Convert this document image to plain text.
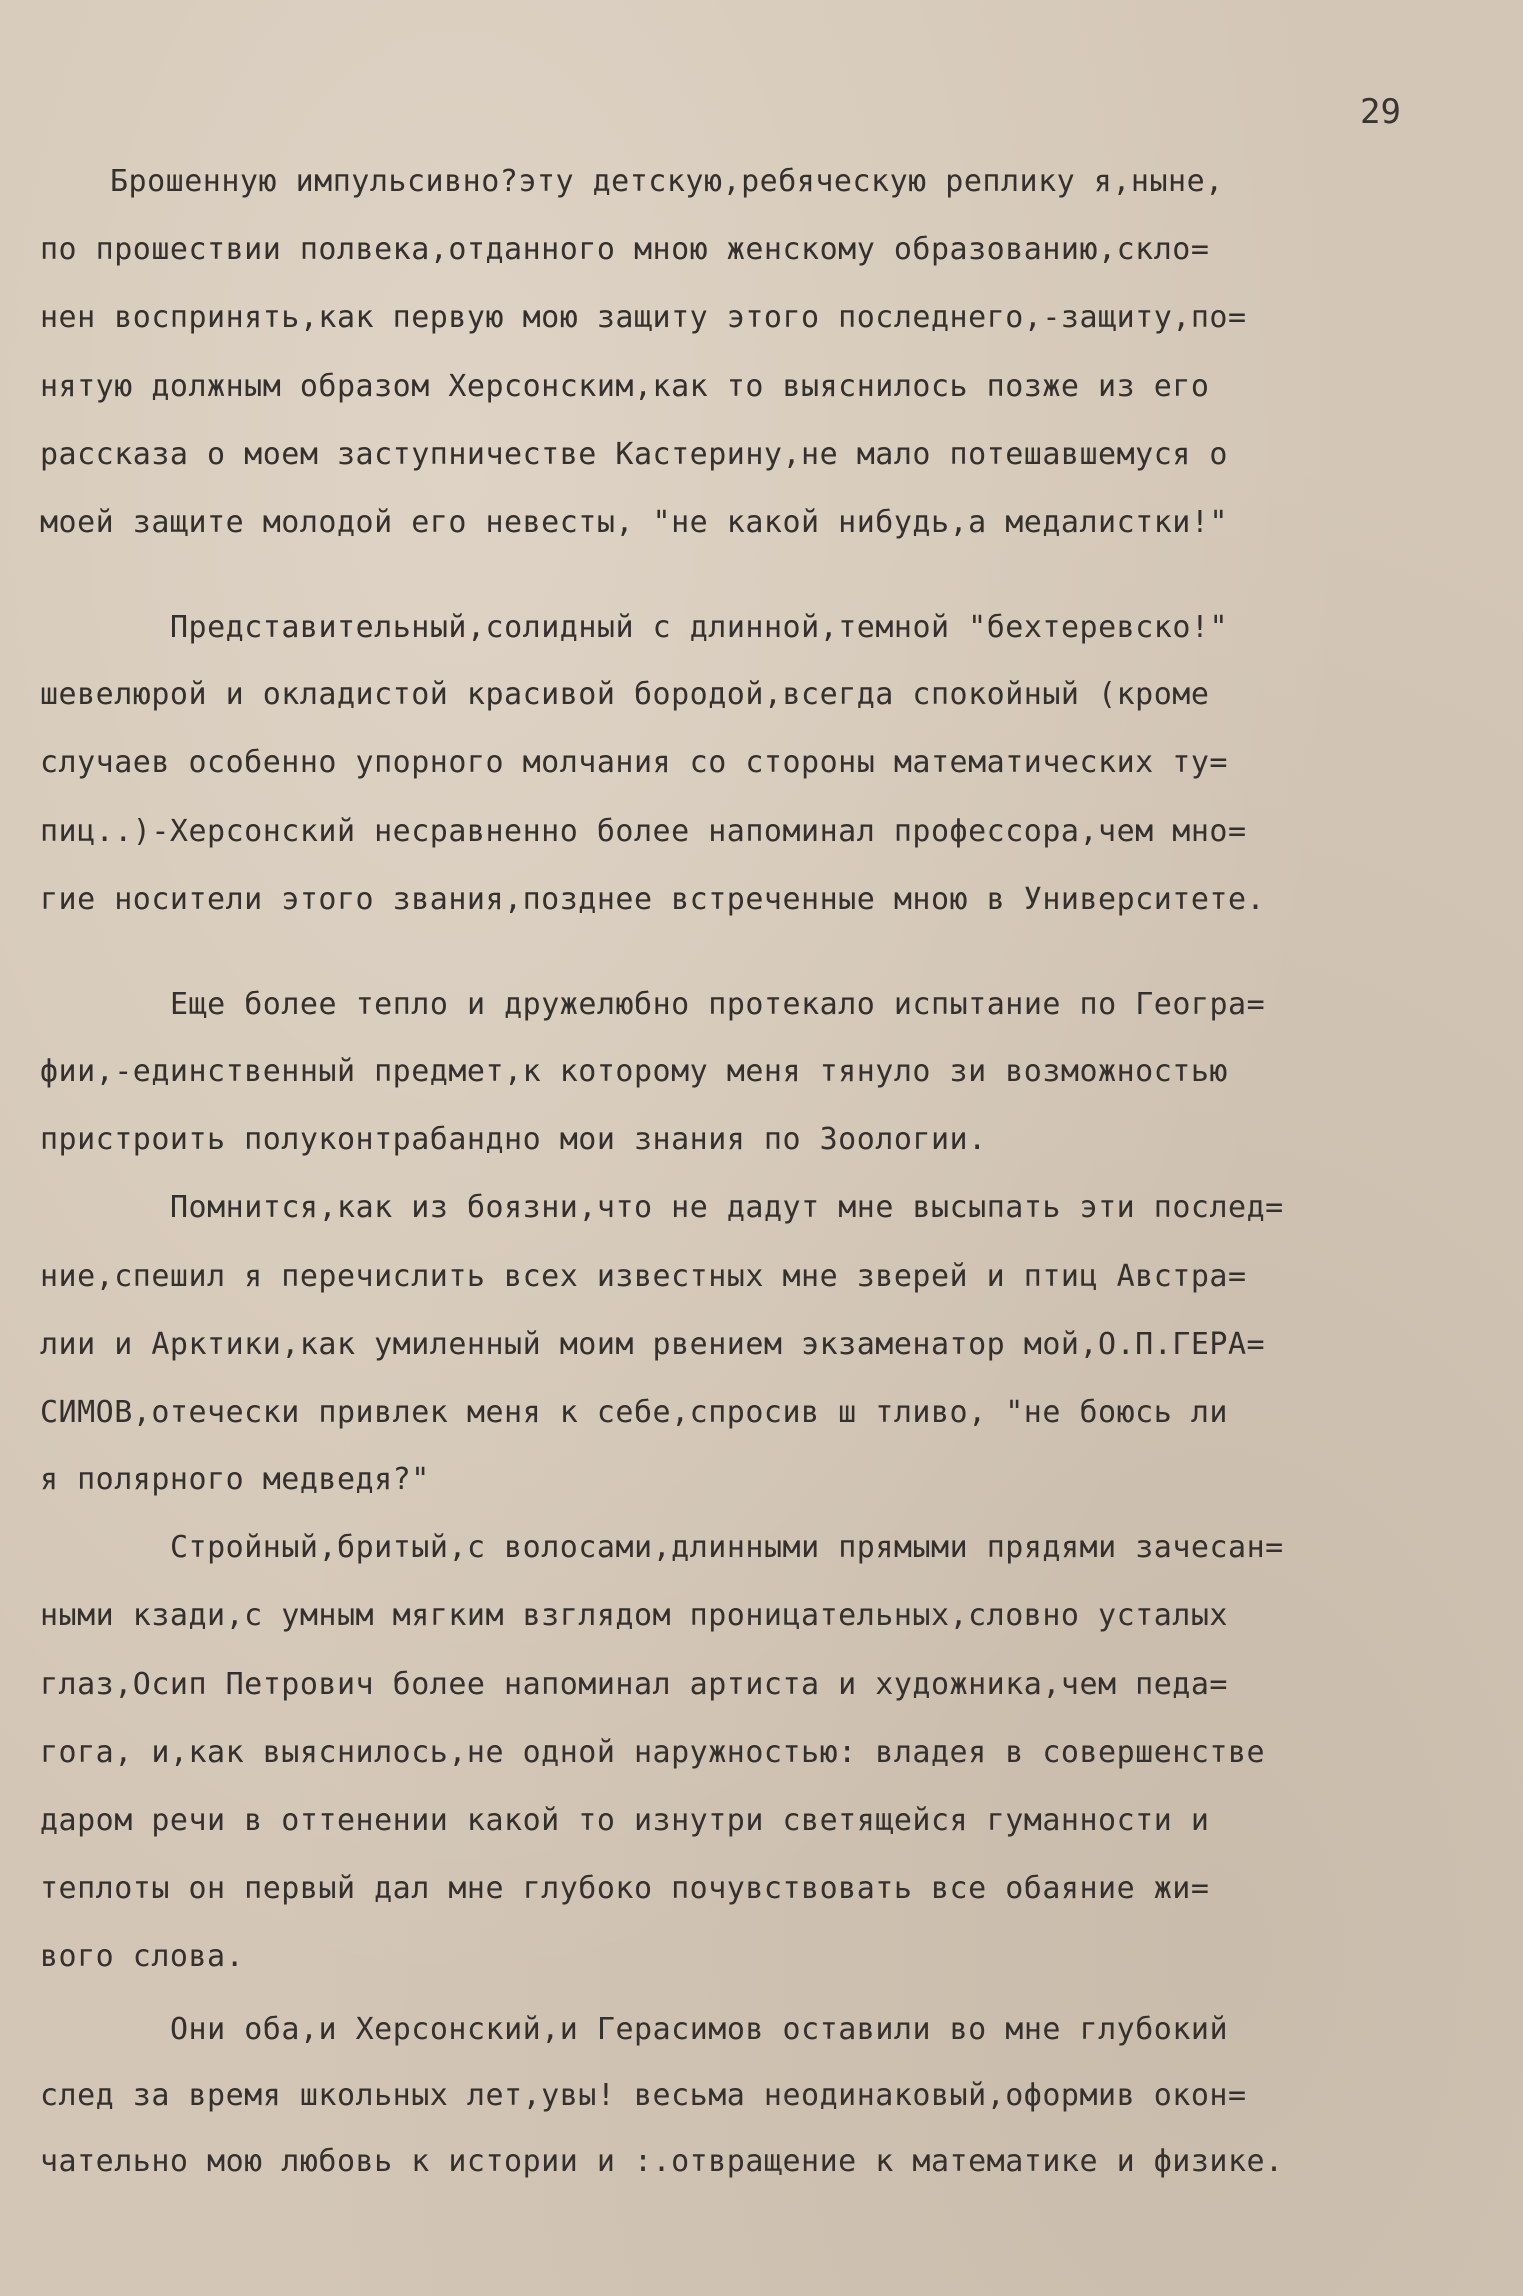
29
Брошенную импульсивно?эту детскую,ребяческую реплику я,ныне,
по прошествии полвека,отданного мною женскому образованию,скло=
нен воспринять,как первую мою защиту этого последнего,-защиту,по=
нятую должным образом Херсонским,как то выяснилось позже из его
рассказа о моем заступничестве Кастерину,не мало потешавшемуся о
моей защите молодой его невесты, "не какой нибудь,а медалистки!"
Представительный,солидный с длинной,темной "бехтеревско!"
шевелюрой и окладистой красивой бородой,всегда спокойный (кроме
случаев особенно упорного молчания со стороны математических ту=
пиц..)-Херсонский несравненно более напоминал профессора,чем мно=
гие носители этого звания,позднее встреченные мною в Университете.
Еще более тепло и дружелюбно протекало испытание по Геогра=
фии,-единственный предмет,к которому меня тянуло зи возможностью
пристроить полуконтрабандно мои знания по Зоологии.
Помнится,как из боязни,что не дадут мне высыпать эти послед=
ние,спешил я перечислить всех известных мне зверей и птиц Австра=
лии и Арктики,как умиленный моим рвением экзаменатор мой,О.П.ГЕРА=
СИМОВ,отечески привлек меня к себе,спросив ш тливо, "не боюсь ли
я полярного медведя?"
Стройный,бритый,с волосами,длинными прямыми прядями зачесан=
ными кзади,с умным мягким взглядом проницательных,словно усталых
глаз,Осип Петрович более напоминал артиста и художника,чем педа=
гога, и,как выяснилось,не одной наружностью: владея в совершенстве
даром речи в оттенении какой то изнутри светящейся гуманности и
теплоты он первый дал мне глубоко почувствовать все обаяние жи=
вого слова.
Они оба,и Херсонский,и Герасимов оставили во мне глубокий
след за время школьных лет,увы! весьма неодинаковый,оформив окон=
чательно мою любовь к истории и :.отвращение к математике и физике.
